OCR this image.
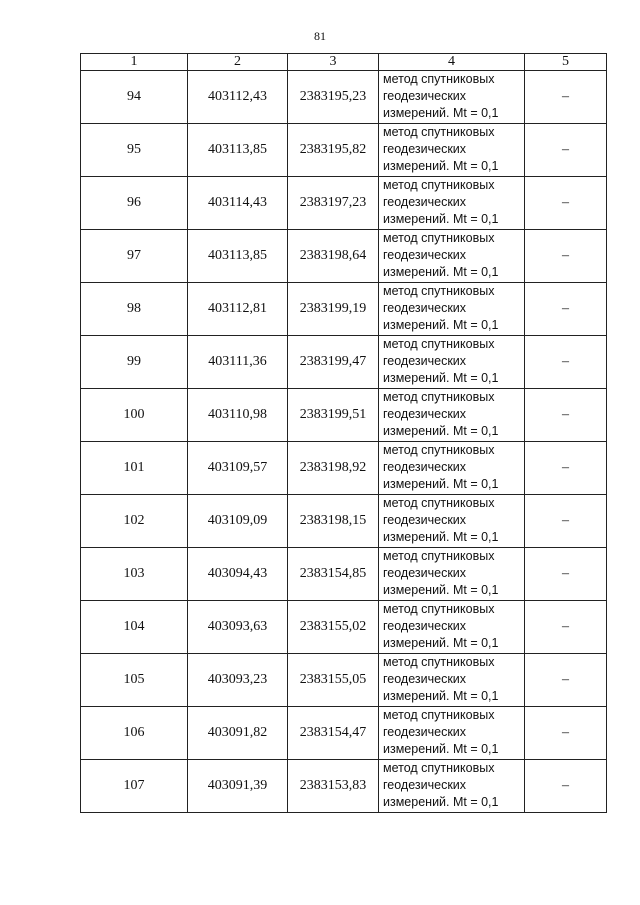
81
1	2	3	4	5
94	403112,43	2383195,23	метод спутниковых
геодезических
измерений. Mt = 0,1	–
95	403113,85	2383195,82	метод спутниковых
геодезических
измерений. Mt = 0,1	–
96	403114,43	2383197,23	метод спутниковых
геодезических
измерений. Mt = 0,1	–
97	403113,85	2383198,64	метод спутниковых
геодезических
измерений. Mt = 0,1	–
98	403112,81	2383199,19	метод спутниковых
геодезических
измерений. Mt = 0,1	–
99	403111,36	2383199,47	метод спутниковых
геодезических
измерений. Mt = 0,1	–
100	403110,98	2383199,51	метод спутниковых
геодезических
измерений. Mt = 0,1	–
101	403109,57	2383198,92	метод спутниковых
геодезических
измерений. Mt = 0,1	–
102	403109,09	2383198,15	метод спутниковых
геодезических
измерений. Mt = 0,1	–
103	403094,43	2383154,85	метод спутниковых
геодезических
измерений. Mt = 0,1	–
104	403093,63	2383155,02	метод спутниковых
геодезических
измерений. Mt = 0,1	–
105	403093,23	2383155,05	метод спутниковых
геодезических
измерений. Mt = 0,1	–
106	403091,82	2383154,47	метод спутниковых
геодезических
измерений. Mt = 0,1	–
107	403091,39	2383153,83	метод спутниковых
геодезических
измерений. Mt = 0,1	–
